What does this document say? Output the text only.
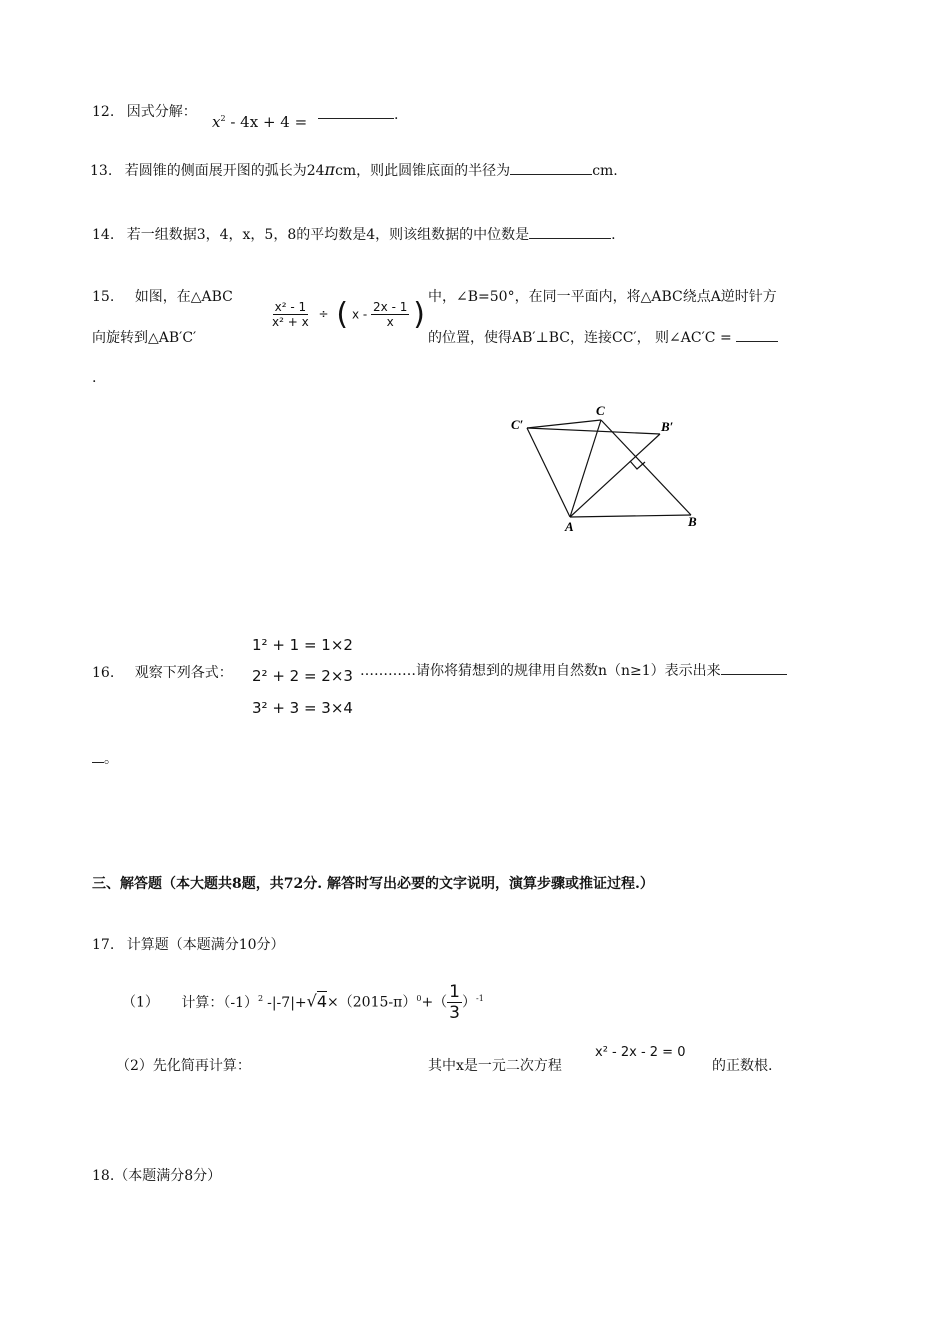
12. 因式分解：
$x^2 - 4x + 4$ =	.
13. 若圆锥的侧面展开图的弧长为24πcm，则此圆锥底面的半径为	cm.
14. 若一组数据3，4，x，5，8的平均数是4，则该组数据的中位数是	.
15. 如图，在△ABC	中，∠B=50°，在同一平面内，将△ABC绕点A逆时针方
向旋转到△AB′C′	的位置，使得AB′⊥BC，连接CC′， 则∠AC′C =
.
$\frac{\text{x² - 1}}{\text{x² + x}}$ ÷ ( x - $\frac{2x - 1}{x}$ )
C′
C
B′
A	B
1² + 1 = 1×2
2² + 2 = 2×3
3² + 3 = 3×4
16. 观察下列各式：	…………请你将猜想到的规律用自然数n（n≥1）表示出来
。
三、解答题（本大题共8题，共72分. 解答时写出必要的文字说明，演算步骤或推证过程.）
17. 计算题（本题满分10分）
（1） 计算：$(-1)^2$ $-|-7|+√4\times(2015-\pi)^0+( \frac{1}{3} )^{-1}$
（2）先化简再计算：	其中x是一元二次方程
x² - 2x - 2 = 0
的正数根.
18.（本题满分8分）
